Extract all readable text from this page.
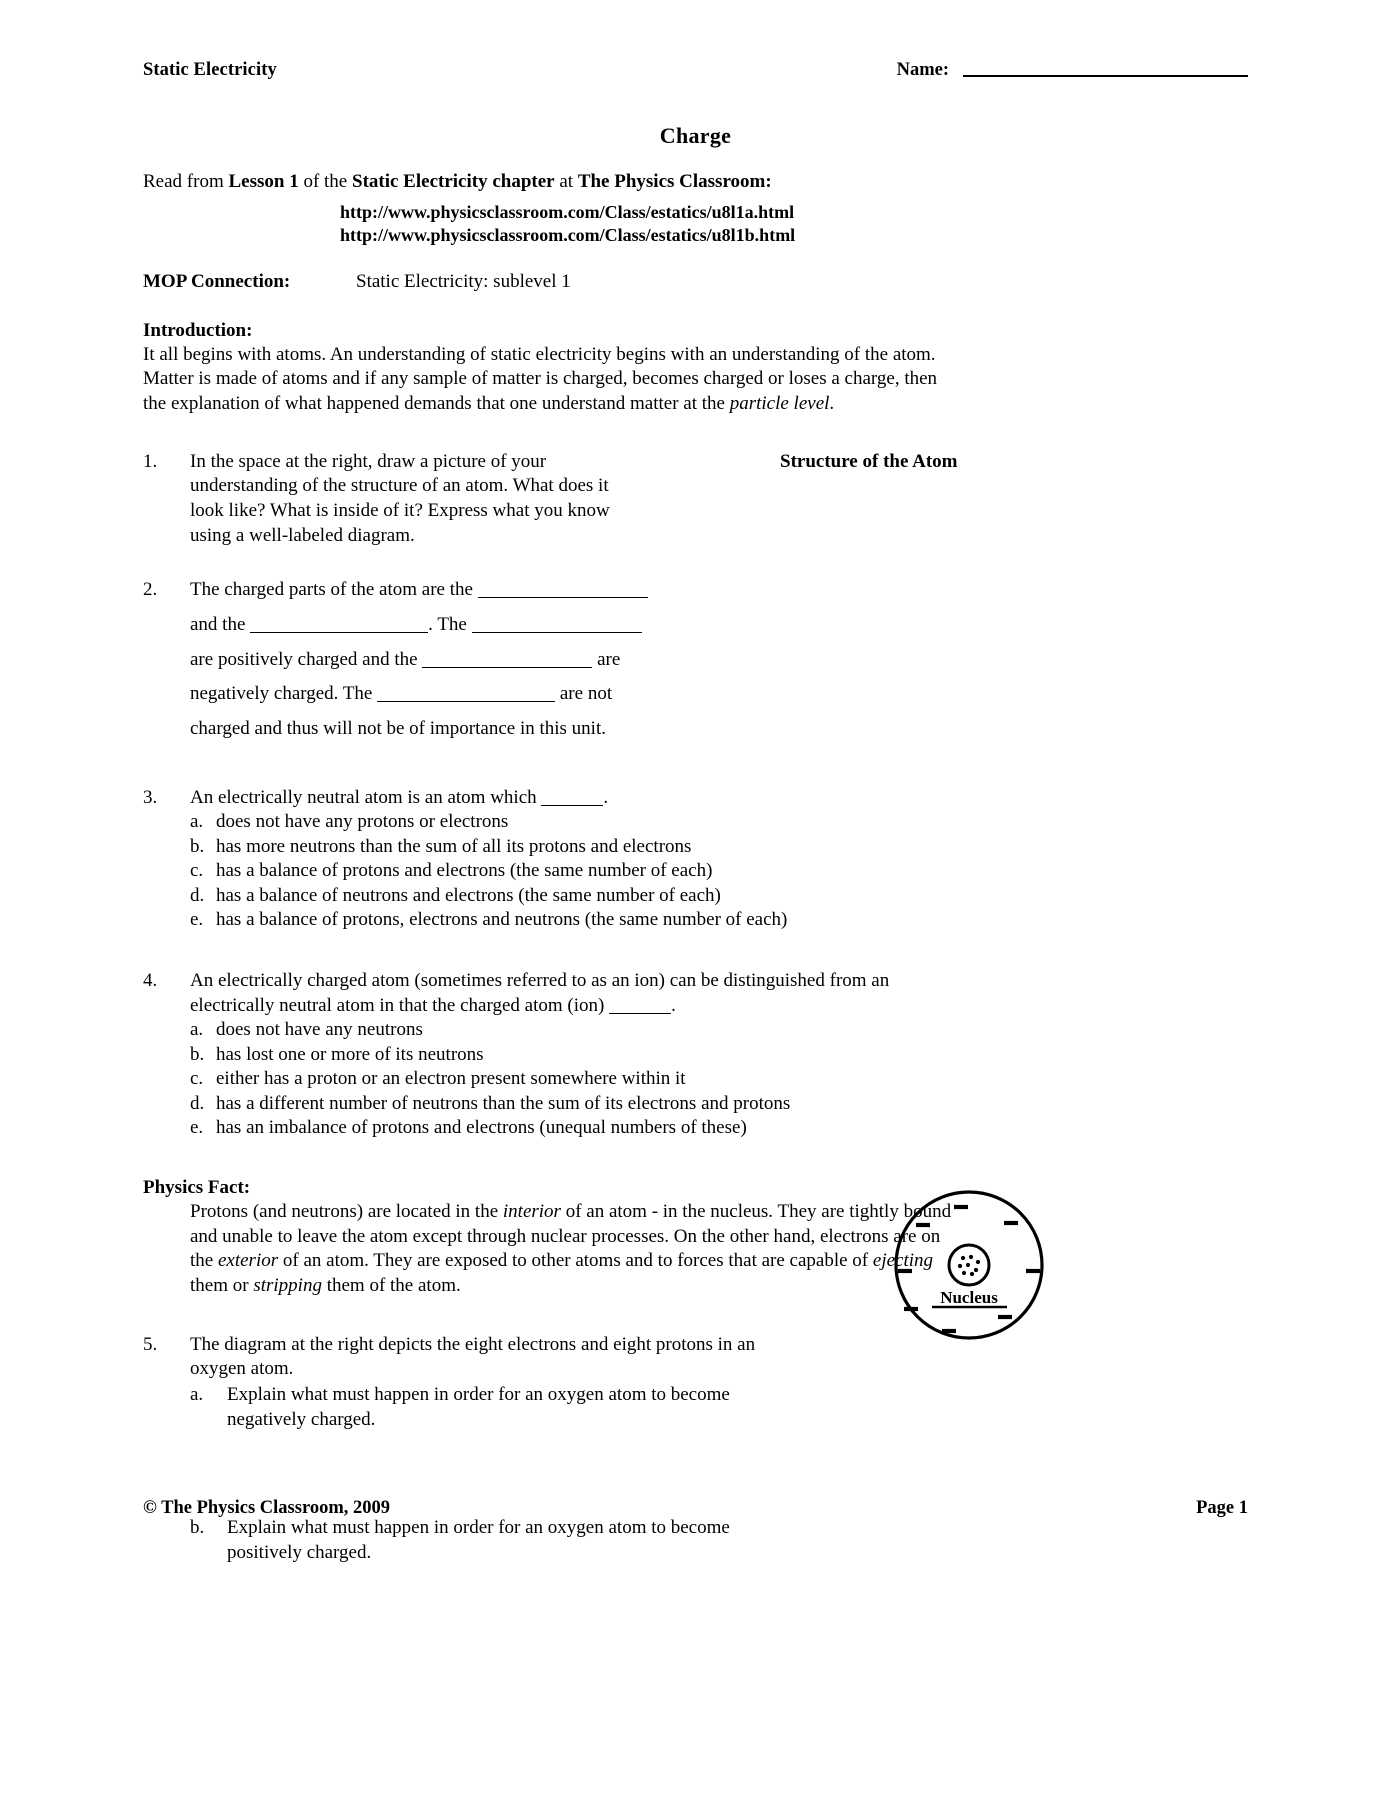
Static Electricity	Name:
Charge
Read from Lesson 1 of the Static Electricity chapter at The Physics Classroom:
http://www.physicsclassroom.com/Class/estatics/u8l1a.html
http://www.physicsclassroom.com/Class/estatics/u8l1b.html
MOP Connection:	Static Electricity: sublevel 1
Introduction:
It all begins with atoms. An understanding of static electricity begins with an understanding of the atom.
Matter is made of atoms and if any sample of matter is charged, becomes charged or loses a charge, then
the explanation of what happened demands that one understand matter at the particle level.
1.	In the space at the right, draw a picture of your
understanding of the structure of an atom. What does it
look like? What is inside of it? Express what you know
using a well-labeled diagram.
Structure of the Atom
2.	The charged parts of the atom are the
and the	. The
are positively charged and the	are
negatively charged. The	are not
charged and thus will not be of importance in this unit.
3.	An electrically neutral atom is an atom which	.
a. does not have any protons or electrons
b. has more neutrons than the sum of all its protons and electrons
c. has a balance of protons and electrons (the same number of each)
d. has a balance of neutrons and electrons (the same number of each)
e. has a balance of protons, electrons and neutrons (the same number of each)
4.	An electrically charged atom (sometimes referred to as an ion) can be distinguished from an
electrically neutral atom in that the charged atom (ion)	.
a. does not have any neutrons
b. has lost one or more of its neutrons
c. either has a proton or an electron present somewhere within it
d. has a different number of neutrons than the sum of its electrons and protons
e. has an imbalance of protons and electrons (unequal numbers of these)
Physics Fact:
Protons (and neutrons) are located in the interior of an atom - in the nucleus. They are tightly bound
and unable to leave the atom except through nuclear processes. On the other hand, electrons are on
the exterior of an atom. They are exposed to other atoms and to forces that are capable of ejecting
them or stripping them of the atom.
5.	The diagram at the right depicts the eight electrons and eight protons in an
oxygen atom.
a.	Explain what must happen in order for an oxygen atom to become
negatively charged.
b.	Explain what must happen in order for an oxygen atom to become
positively charged.
Nucleus
© The Physics Classroom, 2009	Page 1
